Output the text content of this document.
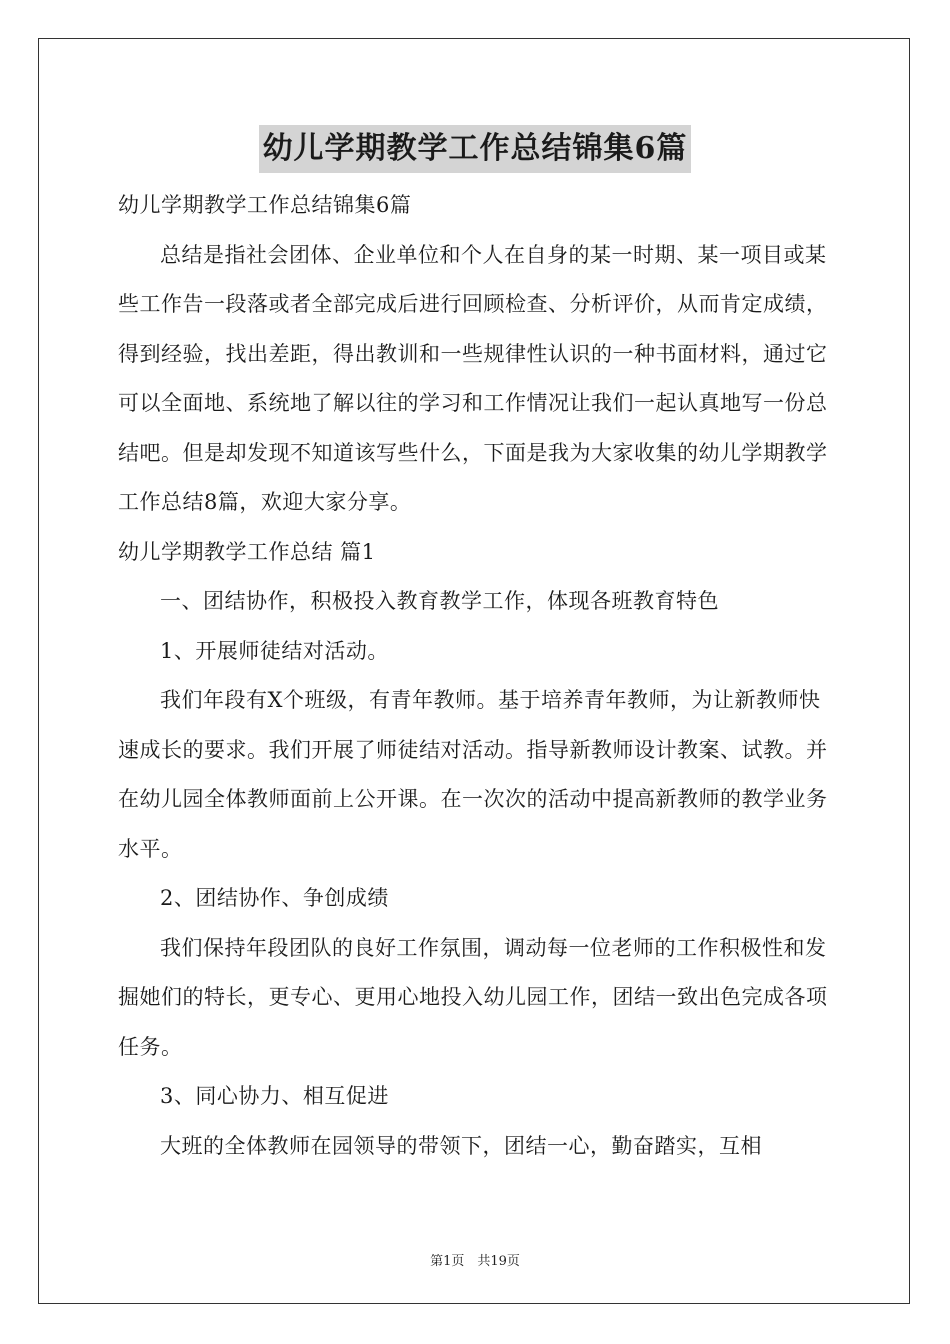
幼儿学期教学工作总结锦集6篇

幼儿学期教学工作总结锦集6篇

总结是指社会团体、企业单位和个人在自身的某一时期、某一项目或某些工作告一段落或者全部完成后进行回顾检查、分析评价，从而肯定成绩，得到经验，找出差距，得出教训和一些规律性认识的一种书面材料，通过它可以全面地、系统地了解以往的学习和工作情况让我们一起认真地写一份总结吧。但是却发现不知道该写些什么，下面是我为大家收集的幼儿学期教学工作总结8篇，欢迎大家分享。

幼儿学期教学工作总结 篇1

一、团结协作，积极投入教育教学工作，体现各班教育特色

1、开展师徒结对活动。

我们年段有X个班级，有青年教师。基于培养青年教师，为让新教师快速成长的要求。我们开展了师徒结对活动。指导新教师设计教案、试教。并在幼儿园全体教师面前上公开课。在一次次的活动中提高新教师的教学业务水平。

2、团结协作、争创成绩

我们保持年段团队的良好工作氛围，调动每一位老师的工作积极性和发掘她们的特长，更专心、更用心地投入幼儿园工作，团结一致出色完成各项任务。

3、同心协力、相互促进

大班的全体教师在园领导的带领下，团结一心，勤奋踏实，互相

第1页　共19页
